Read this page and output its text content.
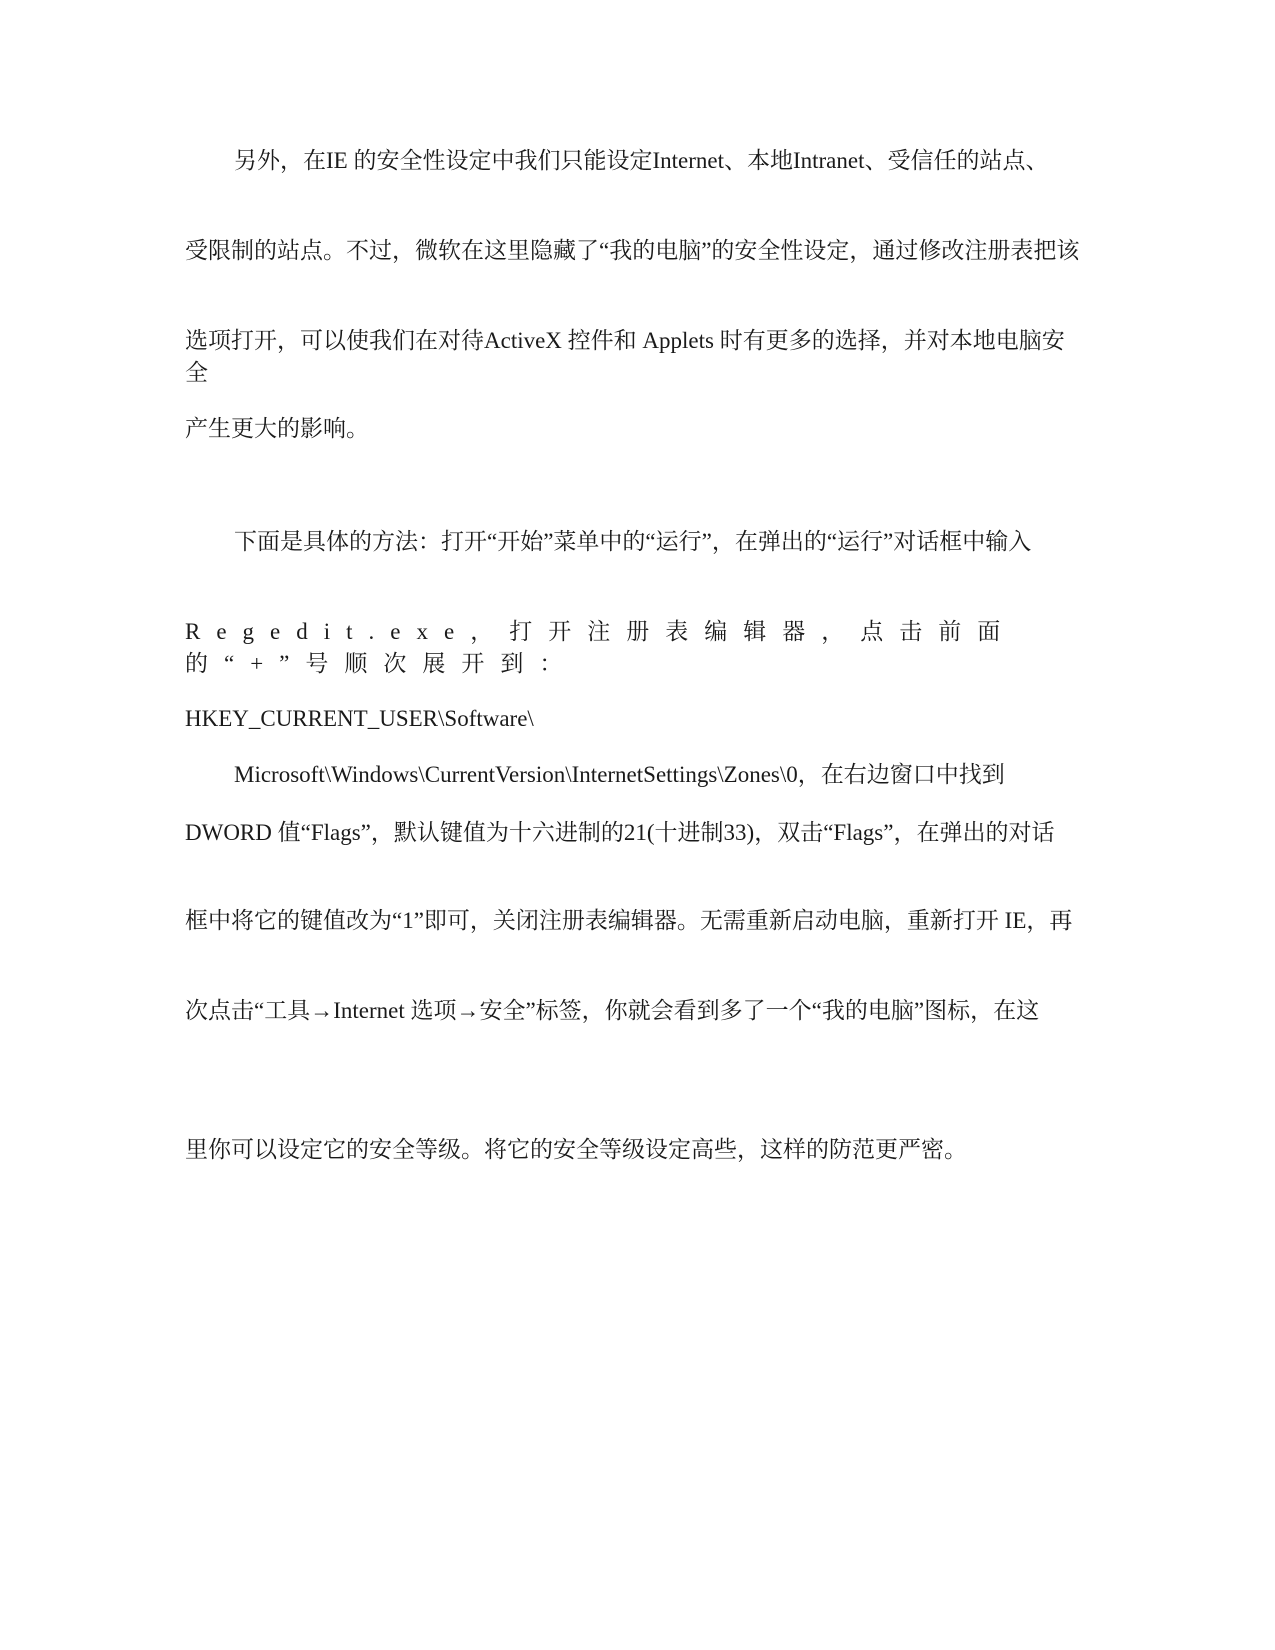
另外，在IE 的安全性设定中我们只能设定Internet、本地Intranet、受信任的站点、

受限制的站点。不过，微软在这里隐藏了“我的电脑”的安全性设定，通过修改注册表把该

选项打开，可以使我们在对待ActiveX 控件和 Applets 时有更多的选择，并对本地电脑安全

产生更大的影响。

下面是具体的方法：打开“开始”菜单中的“运行”，在弹出的“运行”对话框中输入

Regedit.exe，打开注册表编辑器，点击前面的“+”号顺次展开到：

HKEY_CURRENT_USER\Software\

Microsoft\Windows\CurrentVersion\InternetSettings\Zones\0，在右边窗口中找到

DWORD 值“Flags”，默认键值为十六进制的21(十进制33)，双击“Flags”，在弹出的对话

框中将它的键值改为“1”即可，关闭注册表编辑器。无需重新启动电脑，重新打开 IE，再

次点击“工具→Internet 选项→安全”标签，你就会看到多了一个“我的电脑”图标，在这

里你可以设定它的安全等级。将它的安全等级设定高些，这样的防范更严密。
